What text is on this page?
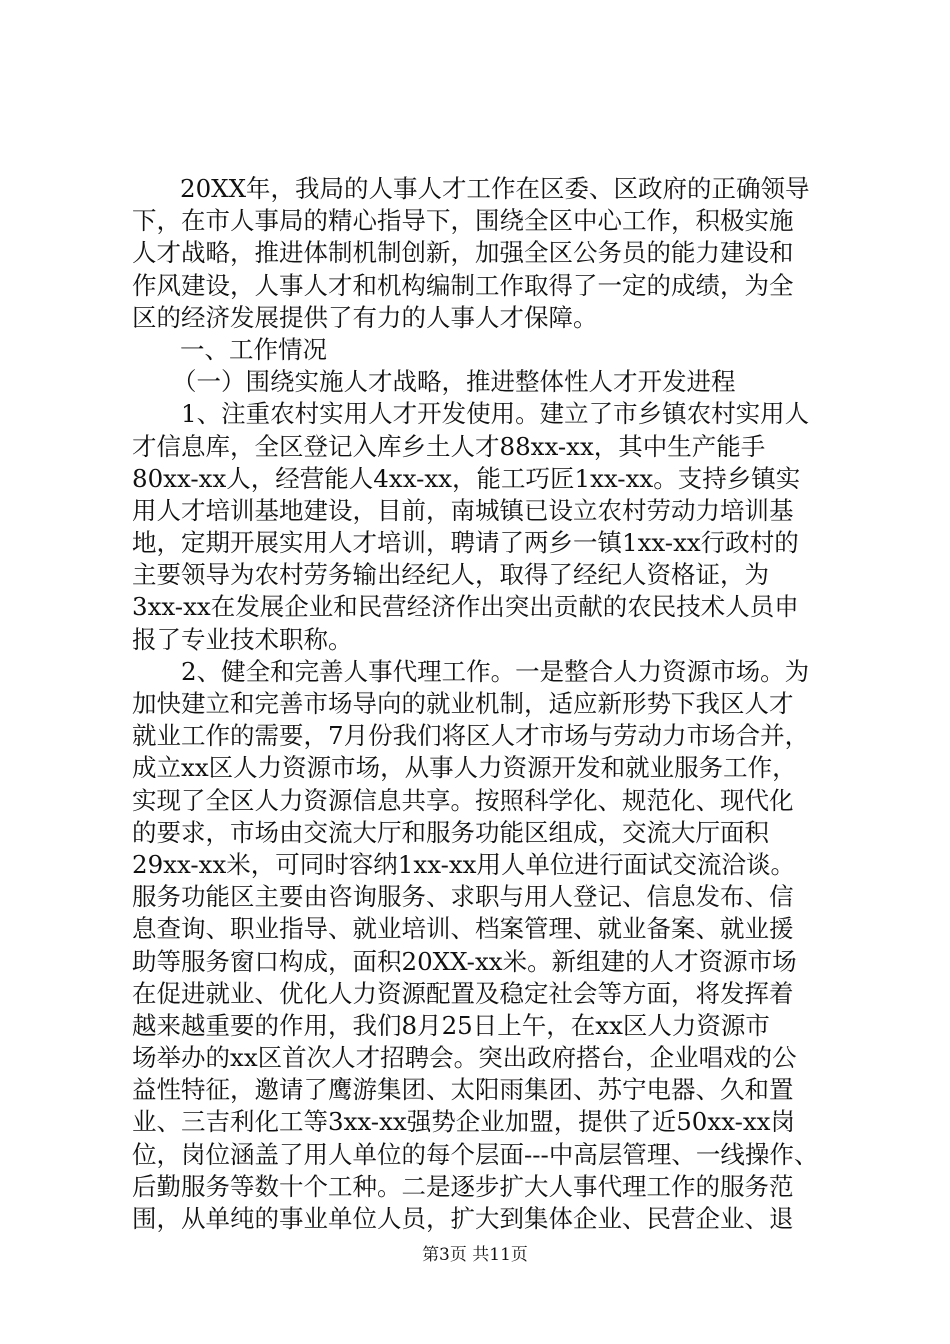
20XX年，我局的人事人才工作在区委、区政府的正确领导
下，在市人事局的精心指导下，围绕全区中心工作，积极实施
人才战略，推进体制机制创新，加强全区公务员的能力建设和
作风建设，人事人才和机构编制工作取得了一定的成绩，为全
区的经济发展提供了有力的人事人才保障。
一、工作情况
（一）围绕实施人才战略，推进整体性人才开发进程
1、注重农村实用人才开发使用。建立了市乡镇农村实用人
才信息库，全区登记入库乡土人才88xx-xx，其中生产能手
80xx-xx人，经营能人4xx-xx，能工巧匠1xx-xx。支持乡镇实
用人才培训基地建设，目前，南城镇已设立农村劳动力培训基
地，定期开展实用人才培训，聘请了两乡一镇1xx-xx行政村的
主要领导为农村劳务输出经纪人，取得了经纪人资格证，为
3xx-xx在发展企业和民营经济作出突出贡献的农民技术人员申
报了专业技术职称。
2、健全和完善人事代理工作。一是整合人力资源市场。为
加快建立和完善市场导向的就业机制，适应新形势下我区人才
就业工作的需要，7月份我们将区人才市场与劳动力市场合并，
成立xx区人力资源市场，从事人力资源开发和就业服务工作，
实现了全区人力资源信息共享。按照科学化、规范化、现代化
的要求，市场由交流大厅和服务功能区组成，交流大厅面积
29xx-xx米，可同时容纳1xx-xx用人单位进行面试交流洽谈。
服务功能区主要由咨询服务、求职与用人登记、信息发布、信
息查询、职业指导、就业培训、档案管理、就业备案、就业援
助等服务窗口构成，面积20XX-xx米。新组建的人才资源市场
在促进就业、优化人力资源配置及稳定社会等方面，将发挥着
越来越重要的作用，我们8月25日上午，在xx区人力资源市
场举办的xx区首次人才招聘会。突出政府搭台，企业唱戏的公
益性特征，邀请了鹰游集团、太阳雨集团、苏宁电器、久和置
业、三吉利化工等3xx-xx强势企业加盟，提供了近50xx-xx岗
位，岗位涵盖了用人单位的每个层面---中高层管理、一线操作、
后勤服务等数十个工种。二是逐步扩大人事代理工作的服务范
围，从单纯的事业单位人员，扩大到集体企业、民营企业、退
第3页 共11页
